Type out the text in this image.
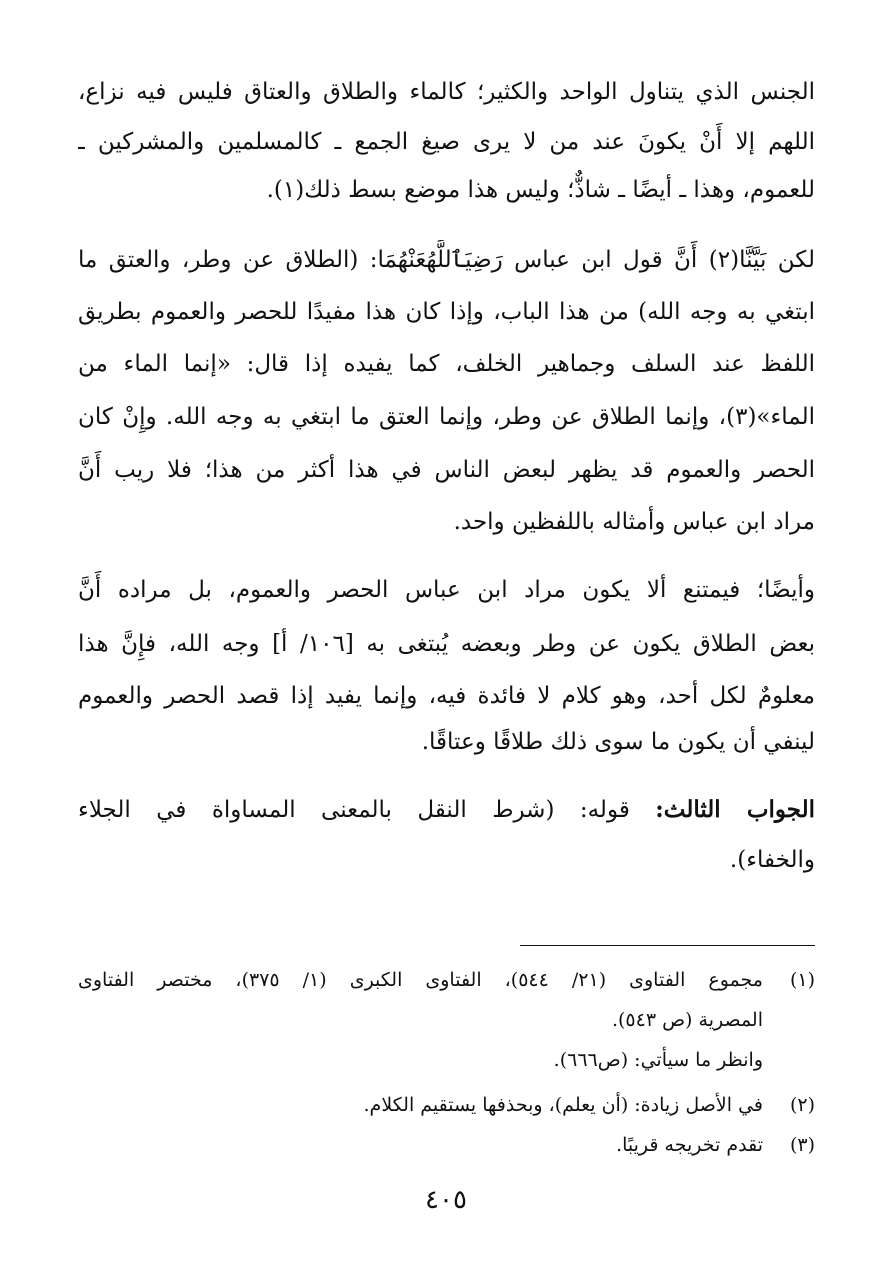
الجنس الذي يتناول الواحد والكثير؛ كالماء والطلاق والعتاق فليس فيه نزاع،
اللهم إلا أَنْ يكونَ عند من لا يرى صيغ الجمع ـ كالمسلمين والمشركين ـ
للعموم، وهذا ـ أيضًا ـ شاذٌّ؛ وليس هذا موضع بسط ذلك(١).
لكن بَيَّنَّا(٢) أَنَّ قول ابن عباس رَضِيَٱللَّهُعَنْهُمَا: (الطلاق عن وطر، والعتق ما
ابتغي به وجه الله) من هذا الباب، وإذا كان هذا مفيدًا للحصر والعموم بطريق
اللفظ عند السلف وجماهير الخلف، كما يفيده إذا قال: «إنما الماء من
الماء»(٣)، وإنما الطلاق عن وطر، وإنما العتق ما ابتغي به وجه الله. وإِنْ كان
الحصر والعموم قد يظهر لبعض الناس في هذا أكثر من هذا؛ فلا ريب أَنَّ
مراد ابن عباس وأمثاله باللفظين واحد.
وأيضًا؛ فيمتنع ألا يكون مراد ابن عباس الحصر والعموم، بل مراده أَنَّ
بعض الطلاق يكون عن وطر وبعضه يُبتغى به [١٠٦/ أ] وجه الله، فإِنَّ هذا
معلومٌ لكل أحد، وهو كلام لا فائدة فيه، وإنما يفيد إذا قصد الحصر والعموم
لينفي أن يكون ما سوى ذلك طلاقًا وعتاقًا.
الجواب الثالث: قوله: (شرط النقل بالمعنى المساواة في الجلاء
والخفاء).
(١)
مجموع الفتاوى (٢١/ ٥٤٤)، الفتاوى الكبرى (١/ ٣٧٥)، مختصر الفتاوى
المصرية (ص ٥٤٣).
وانظر ما سيأتي: (ص٦٦٦).
(٢)
في الأصل زيادة: (أن يعلم)، وبحذفها يستقيم الكلام.
(٣)
تقدم تخريجه قريبًا.
٤٠٥
